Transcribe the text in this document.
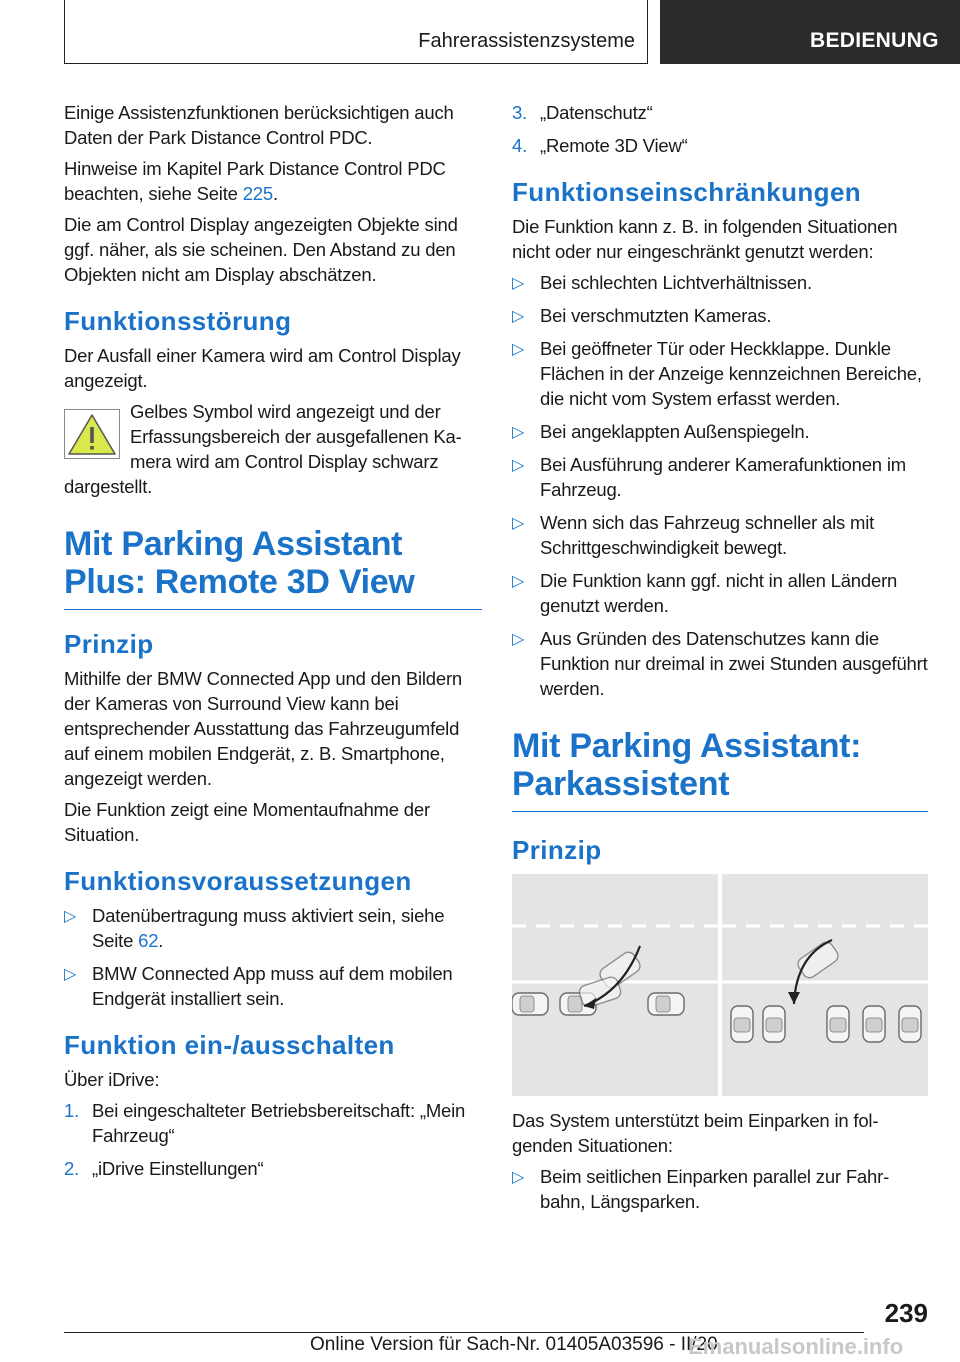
Fahrerassistenzsysteme	BEDIENUNG

Einige Assistenzfunktionen berücksichtigen auch Daten der Park Distance Control PDC.

Hinweise im Kapitel Park Distance Control PDC beachten, siehe Seite 225.

Die am Control Display angezeigten Objekte sind ggf. näher, als sie scheinen. Den Abstand zu den Objekten nicht am Display abschätzen.

Funktionsstörung

Der Ausfall einer Kamera wird am Control Display angezeigt.

Gelbes Symbol wird angezeigt und der Erfassungsbereich der ausgefallenen Kamera wird am Control Display schwarz

dargestellt.

Mit Parking Assistant Plus: Remote 3D View
Prinzip

Mithilfe der BMW Connected App und den Bildern der Kameras von Surround View kann bei entsprechender Ausstattung das Fahrzeugumfeld auf einem mobilen Endgerät, z. B. Smartphone, angezeigt werden.

Die Funktion zeigt eine Momentaufnahme der Situation.

Funktionsvoraussetzungen
▷ Datenübertragung muss aktiviert sein, siehe Seite 62.
▷ BMW Connected App muss auf dem mobilen Endgerät installiert sein.
Funktion ein-/ausschalten

Über iDrive:

1. Bei eingeschalteter Betriebsbereitschaft: „Mein Fahrzeug“
2. „iDrive Einstellungen“
3. „Datenschutz“
4. „Remote 3D View“
Funktionseinschränkungen

Die Funktion kann z. B. in folgenden Situationen nicht oder nur eingeschränkt genutzt werden:

▷ Bei schlechten Lichtverhältnissen.
▷ Bei verschmutzten Kameras.
▷ Bei geöffneter Tür oder Heckklappe. Dunkle Flächen in der Anzeige kennzeichnen Bereiche, die nicht vom System erfasst werden.
▷ Bei angeklappten Außenspiegeln.
▷ Bei Ausführung anderer Kamerafunktionen im Fahrzeug.
▷ Wenn sich das Fahrzeug schneller als mit Schrittgeschwindigkeit bewegt.
▷ Die Funktion kann ggf. nicht in allen Ländern genutzt werden.
▷ Aus Gründen des Datenschutzes kann die Funktion nur dreimal in zwei Stunden ausgeführt werden.
Mit Parking Assistant: Parkassistent
Prinzip

Das System unterstützt beim Einparken in folgenden Situationen:

▷ Beim seitlichen Einparken parallel zur Fahrbahn, Längsparken.
239
Online Version für Sach-Nr. 01405A03596 - II/20
Emanualsonline.info
